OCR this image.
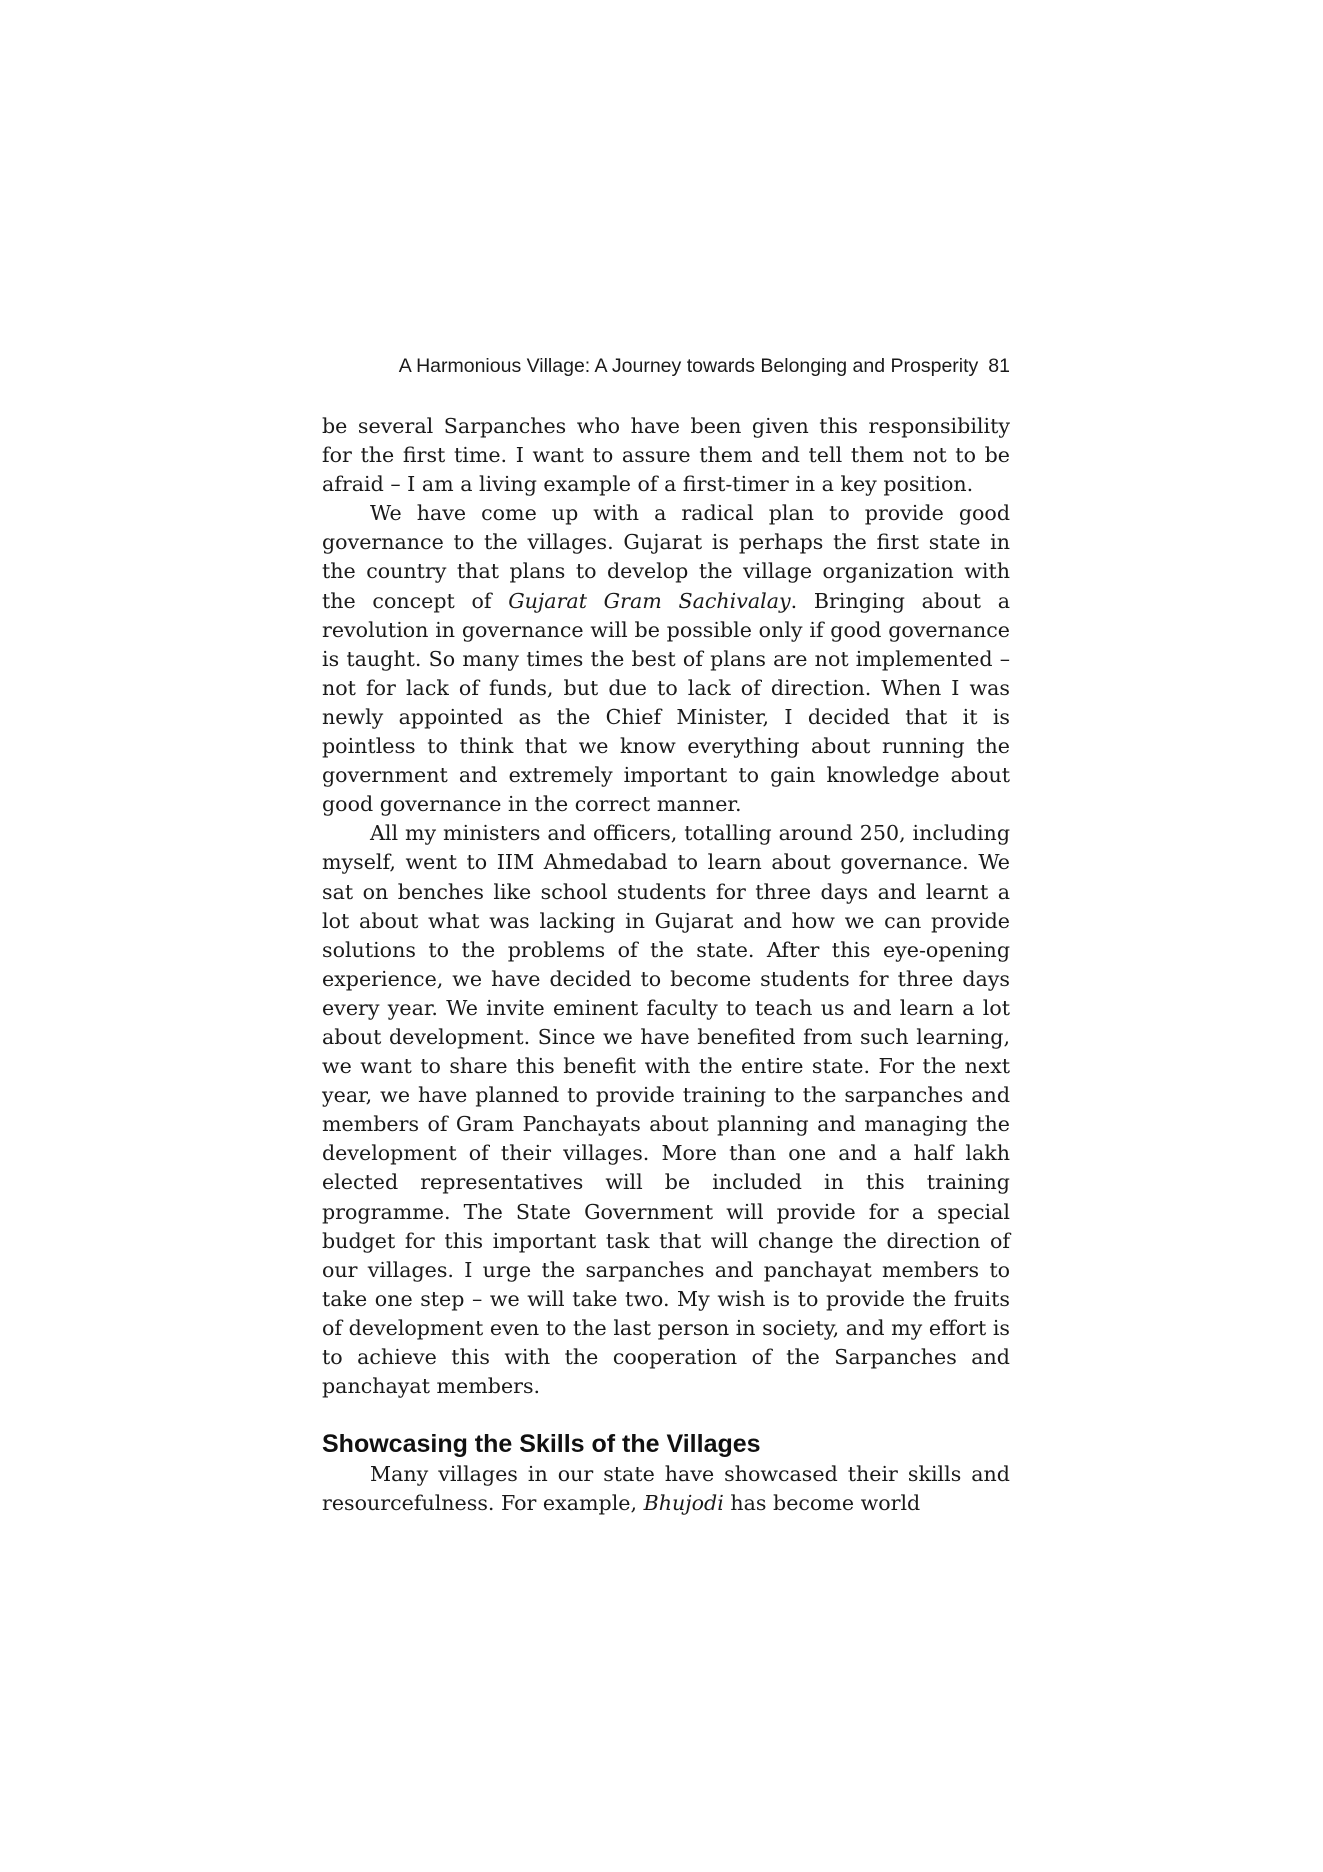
A Harmonious Village: A Journey towards Belonging and Prosperity 81

be several Sarpanches who have been given this responsibility for the first time. I want to assure them and tell them not to be afraid – I am a living example of a first-timer in a key position.

We have come up with a radical plan to provide good governance to the villages. Gujarat is perhaps the first state in the country that plans to develop the village organization with the concept of Gujarat Gram Sachivalay. Bringing about a revolution in governance will be possible only if good governance is taught. So many times the best of plans are not implemented – not for lack of funds, but due to lack of direction. When I was newly appointed as the Chief Minister, I decided that it is pointless to think that we know everything about running the government and extremely important to gain knowledge about good governance in the correct manner.

All my ministers and officers, totalling around 250, including myself, went to IIM Ahmedabad to learn about governance. We sat on benches like school students for three days and learnt a lot about what was lacking in Gujarat and how we can provide solutions to the problems of the state. After this eye-opening experience, we have decided to become students for three days every year. We invite eminent faculty to teach us and learn a lot about development. Since we have benefited from such learning, we want to share this benefit with the entire state. For the next year, we have planned to provide training to the sarpanches and members of Gram Panchayats about planning and managing the development of their villages. More than one and a half lakh elected representatives will be included in this training programme. The State Government will provide for a special budget for this important task that will change the direction of our villages. I urge the sarpanches and panchayat members to take one step – we will take two. My wish is to provide the fruits of development even to the last person in society, and my effort is to achieve this with the cooperation of the Sarpanches and panchayat members.

Showcasing the Skills of the Villages

Many villages in our state have showcased their skills and resourcefulness. For example, Bhujodi has become world
